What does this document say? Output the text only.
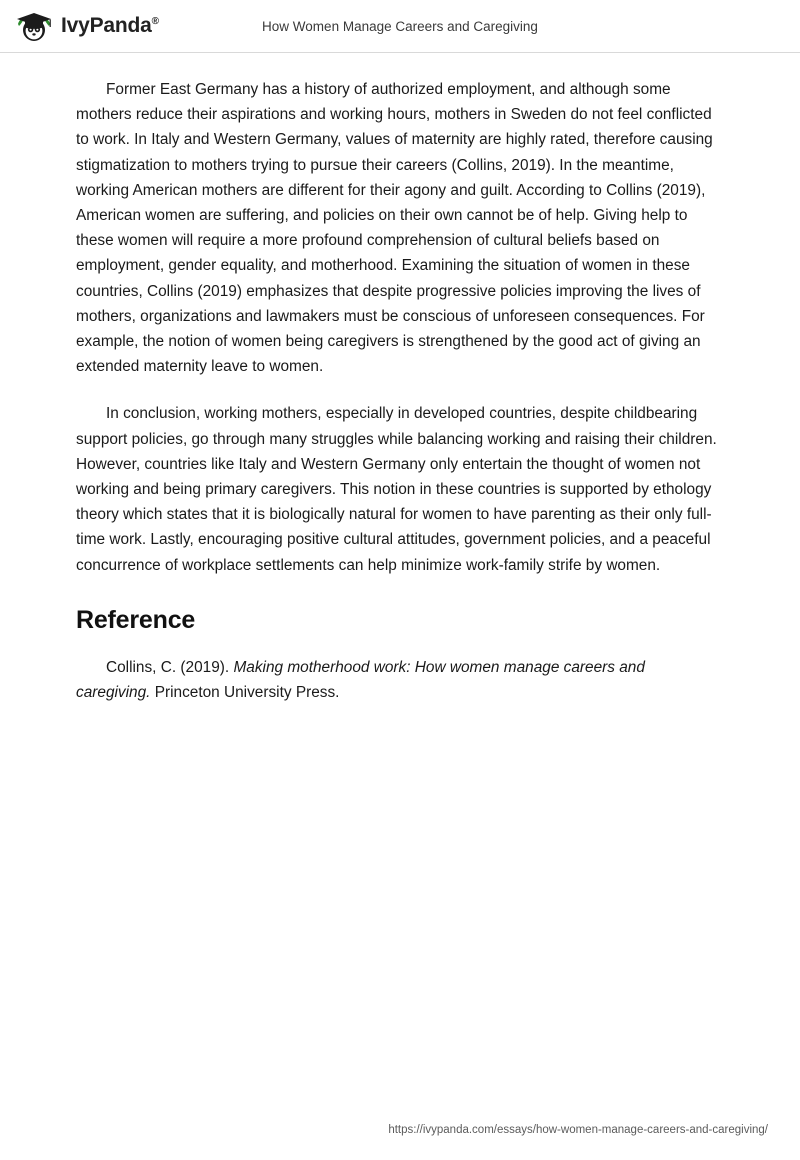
IvyPanda®	How Women Manage Careers and Caregiving

Former East Germany has a history of authorized employment, and although some mothers reduce their aspirations and working hours, mothers in Sweden do not feel conflicted to work. In Italy and Western Germany, values of maternity are highly rated, therefore causing stigmatization to mothers trying to pursue their careers (Collins, 2019). In the meantime, working American mothers are different for their agony and guilt. According to Collins (2019), American women are suffering, and policies on their own cannot be of help. Giving help to these women will require a more profound comprehension of cultural beliefs based on employment, gender equality, and motherhood. Examining the situation of women in these countries, Collins (2019) emphasizes that despite progressive policies improving the lives of mothers, organizations and lawmakers must be conscious of unforeseen consequences. For example, the notion of women being caregivers is strengthened by the good act of giving an extended maternity leave to women.

In conclusion, working mothers, especially in developed countries, despite childbearing support policies, go through many struggles while balancing working and raising their children. However, countries like Italy and Western Germany only entertain the thought of women not working and being primary caregivers. This notion in these countries is supported by ethology theory which states that it is biologically natural for women to have parenting as their only full-time work. Lastly, encouraging positive cultural attitudes, government policies, and a peaceful concurrence of workplace settlements can help minimize work-family strife by women.

Reference

Collins, C. (2019). Making motherhood work: How women manage careers and caregiving. Princeton University Press.

https://ivypanda.com/essays/how-women-manage-careers-and-caregiving/
